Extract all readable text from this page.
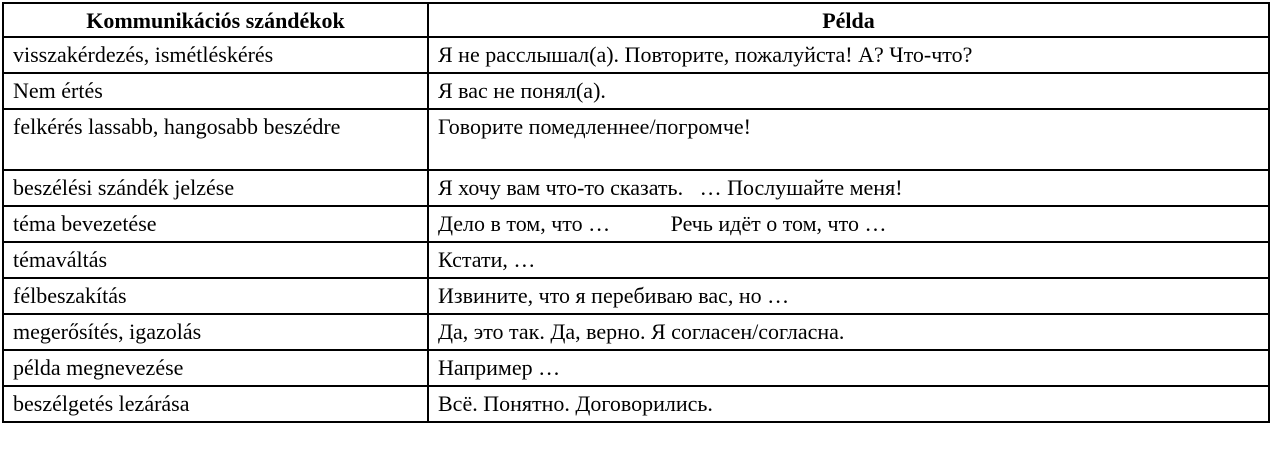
Kommunikációs szándékok	Példa
visszakérdezés, ismétléskérés	Я не расслышал(а). Повторите, пожалуйста! А? Что-что?
Nem értés	Я вас не понял(а).
felkérés lassabb, hangosabb beszédre	Говорите помедленнее/погромче!
beszélési szándék jelzése	Я хочу вам что-то сказать.   … Послушайте меня!
téma bevezetése	Дело в том, что …           Речь идёт о том, что …
témaváltás	Кстати, …
félbeszakítás	Извините, что я перебиваю вас, но …
megerősítés, igazolás	Да, это так. Да, верно. Я согласен/согласна.
példa megnevezése	Например …
beszélgetés lezárása	Всё. Понятно. Договорились.
